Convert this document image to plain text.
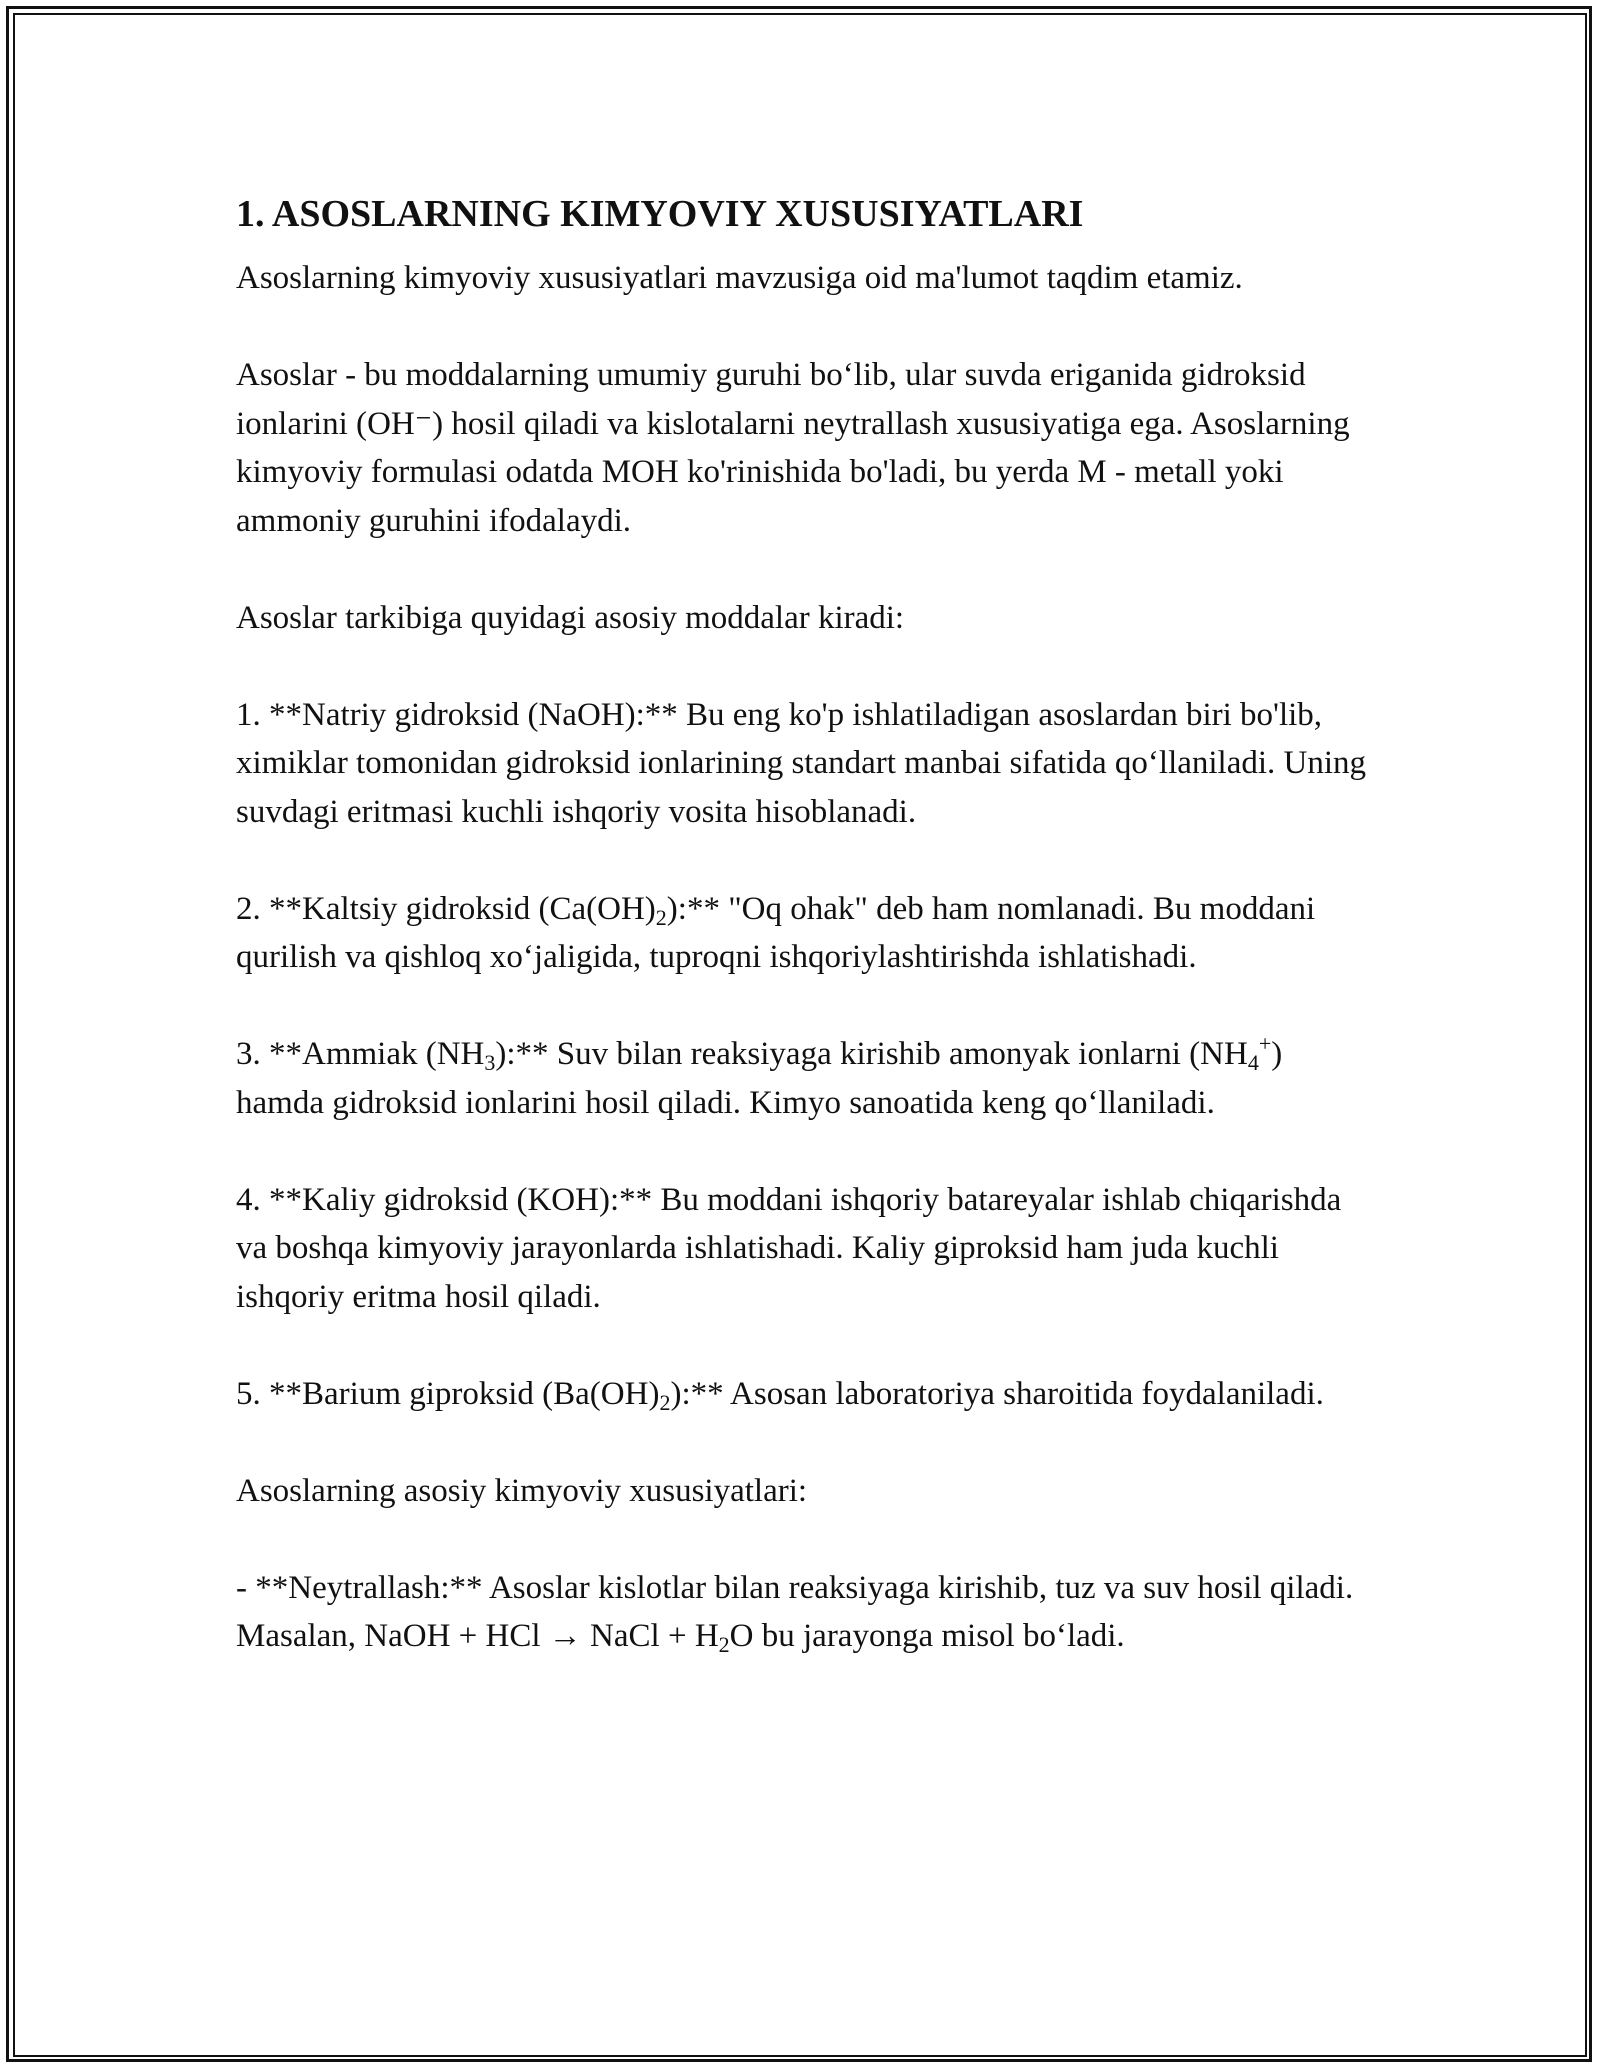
1. ASOSLARNING KIMYOVIY XUSUSIYATLARI

Asoslarning kimyoviy xususiyatlari mavzusiga oid ma'lumot taqdim etamiz.

Asoslar - bu moddalarning umumiy guruhi bo‘lib, ular suvda eriganida gidroksid ionlarini (OH⁻) hosil qiladi va kislotalarni neytrallash xususiyatiga ega. Asoslarning kimyoviy formulasi odatda MOH ko'rinishida bo'ladi, bu yerda M - metall yoki ammoniy guruhini ifodalaydi.

Asoslar tarkibiga quyidagi asosiy moddalar kiradi:

1. **Natriy gidroksid (NaOH):** Bu eng ko'p ishlatiladigan asoslardan biri bo'lib, ximiklar tomonidan gidroksid ionlarining standart manbai sifatida qo‘llaniladi. Uning suvdagi eritmasi kuchli ishqoriy vosita hisoblanadi.

2. **Kaltsiy gidroksid $(Ca(OH)_2):**$ "Oq ohak" deb ham nomlanadi. Bu moddani qurilish va qishloq xo‘jaligida, tuproqni ishqoriylashtirishda ishlatishadi.

3. **Ammiak $(NH_3):**$ Suv bilan reaksiyaga kirishib amonyak ionlarni $(NH_4^+)$ hamda gidroksid ionlarini hosil qiladi. Kimyo sanoatida keng qo‘llaniladi.

4. **Kaliy gidroksid (KOH):** Bu moddani ishqoriy batareyalar ishlab chiqarishda va boshqa kimyoviy jarayonlarda ishlatishadi. Kaliy giproksid ham juda kuchli ishqoriy eritma hosil qiladi.

5. **Barium giproksid $(Ba(OH)_2):**$ Asosan laboratoriya sharoitida foydalaniladi.

Asoslarning asosiy kimyoviy xususiyatlari:

- **Neytrallash:** Asoslar kislotlar bilan reaksiyaga kirishib, tuz va suv hosil qiladi. Masalan, NaOH + HCl → NaCl + $H_2O$ bu jarayonga misol bo‘ladi.
